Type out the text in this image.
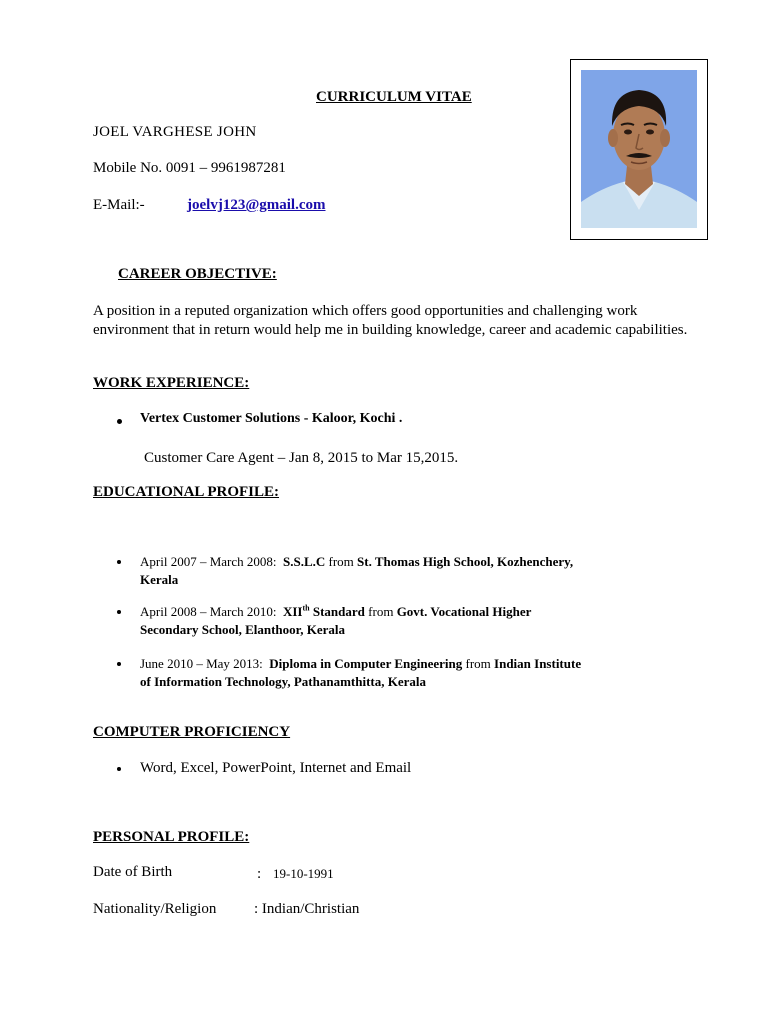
CURRICULUM VITAE
JOEL VARGHESE JOHN
Mobile No. 0091 – 9961987281
E-Mail:-	joelvj123@gmail.com
CAREER OBJECTIVE:
A position in a reputed organization which offers good opportunities and challenging work environment that in return would help me in building knowledge, career and academic capabilities.
WORK EXPERIENCE:
Vertex Customer Solutions - Kaloor, Kochi .
Customer Care Agent – Jan 8, 2015 to Mar 15,2015.
EDUCATIONAL PROFILE:
April 2007 – March 2008: S.S.L.C from St. Thomas High School, Kozhenchery,
Kerala
April 2008 – March 2010: XIIth Standard from Govt. Vocational Higher
Secondary School, Elanthoor, Kerala
June 2010 – May 2013: Diploma in Computer Engineering from Indian Institute
of Information Technology, Pathanamthitta, Kerala
COMPUTER PROFICIENCY
Word, Excel, PowerPoint, Internet and Email
PERSONAL PROFILE:
Date of Birth	: 19-10-1991
Nationality/Religion	: Indian/Christian
